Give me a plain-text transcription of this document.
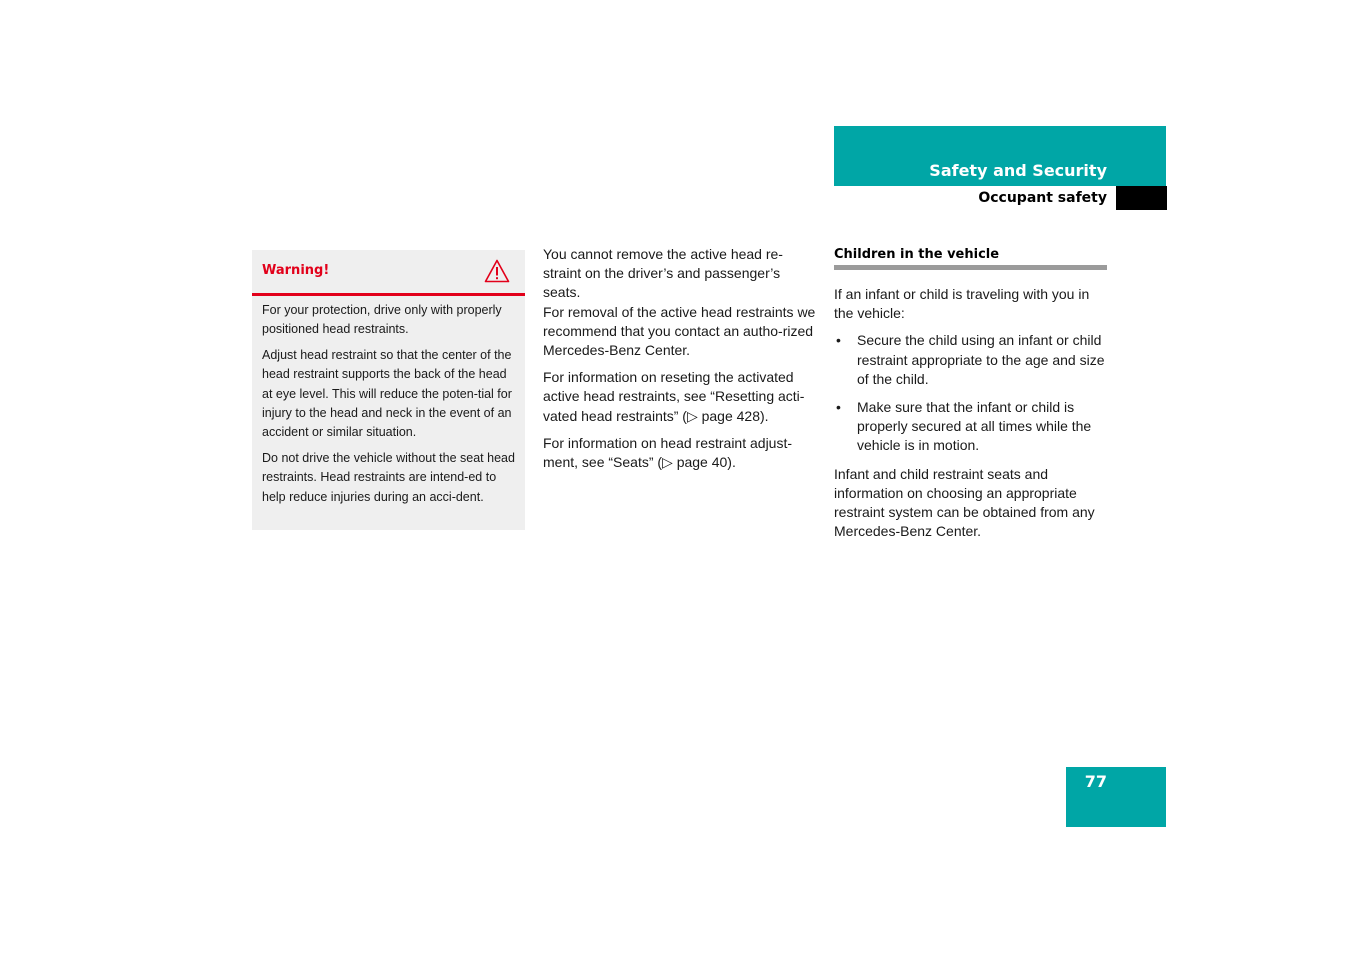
Safety and Security
Occupant safety
Warning!

For your protection, drive only with properly positioned head restraints.

Adjust head restraint so that the center of the head restraint supports the back of the head at eye level. This will reduce the poten-tial for injury to the head and neck in the event of an accident or similar situation.

Do not drive the vehicle without the seat head restraints. Head restraints are intend-ed to help reduce injuries during an acci-dent.

You cannot remove the active head re-straint on the driver’s and passenger’s seats.

For removal of the active head restraints we recommend that you contact an autho-rized Mercedes-Benz Center.

For information on reseting the activated active head restraints, see “Resetting acti-vated head restraints” (▷ page 428).

For information on head restraint adjust-ment, see “Seats” (▷ page 40).

Children in the vehicle

If an infant or child is traveling with you in the vehicle:

• Secure the child using an infant or child restraint appropriate to the age and size of the child.
• Make sure that the infant or child is properly secured at all times while the vehicle is in motion.

Infant and child restraint seats and information on choosing an appropriate restraint system can be obtained from any Mercedes-Benz Center.

77
